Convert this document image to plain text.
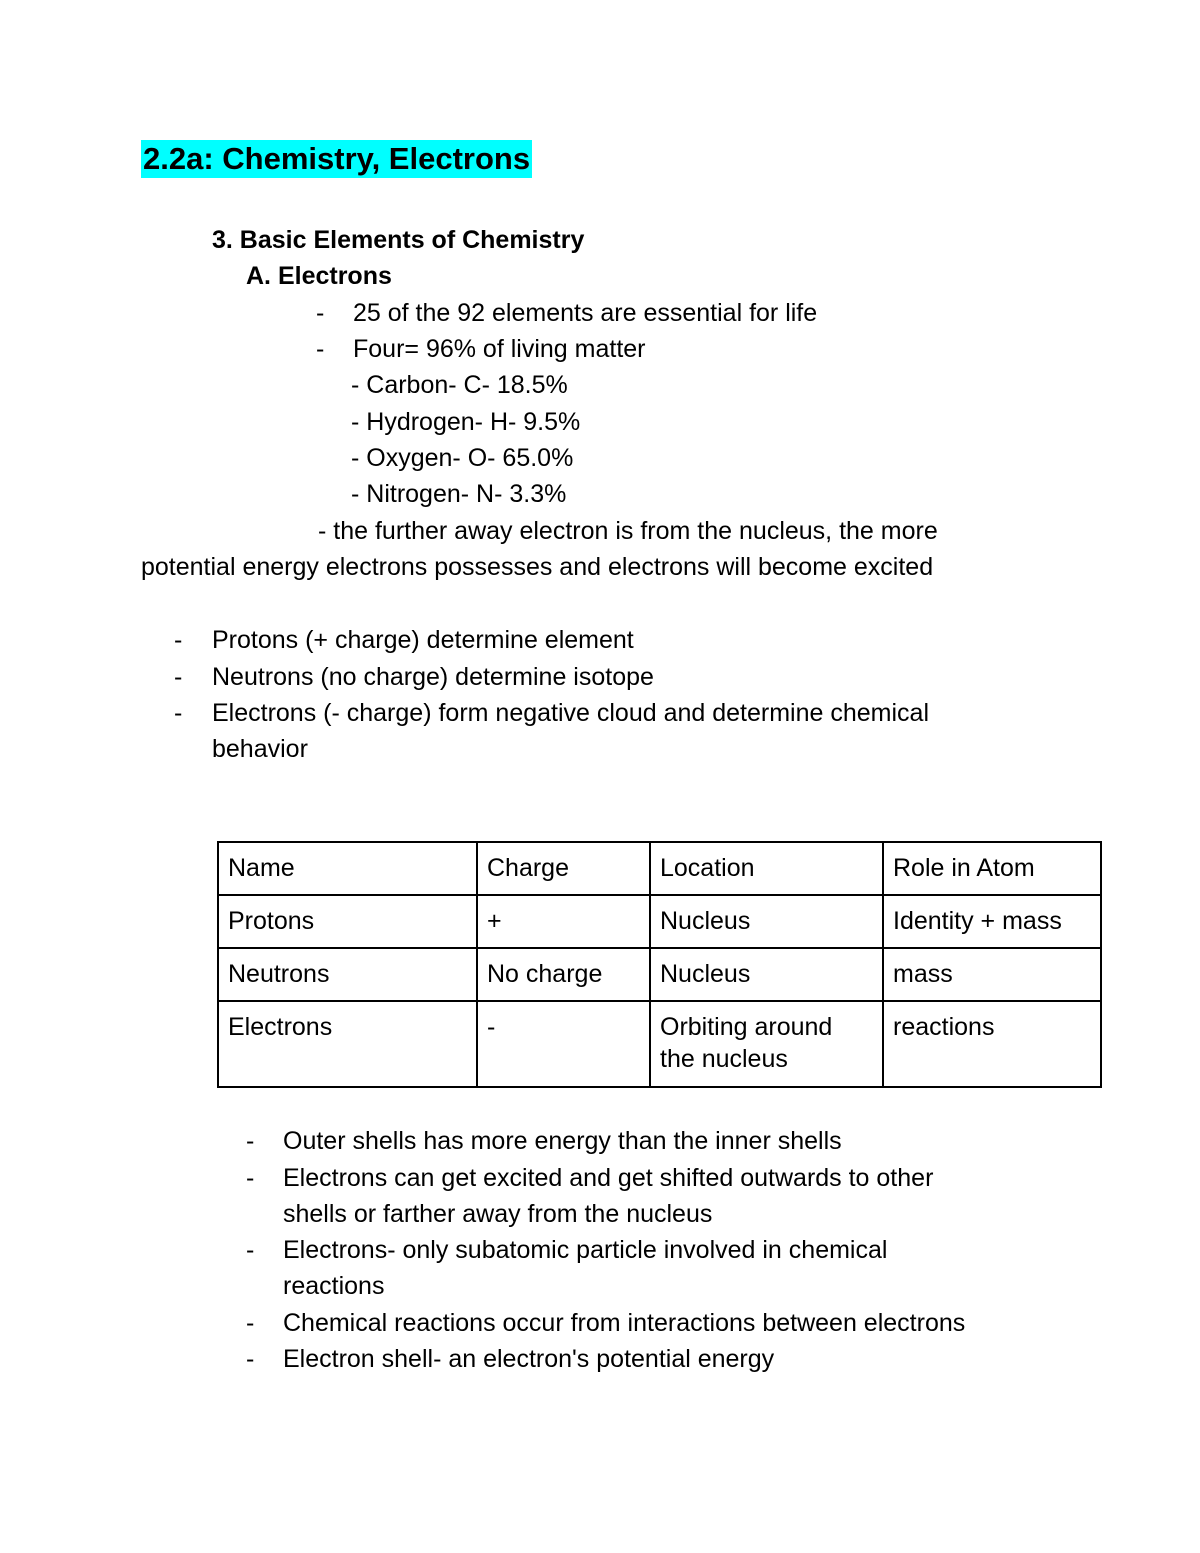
2.2a: Chemistry, Electrons
3. Basic Elements of Chemistry
A. Electrons
- 25 of the 92 elements are essential for life
- Four= 96% of living matter
- Carbon- C- 18.5%
- Hydrogen- H- 9.5%
- Oxygen- O- 65.0%
- Nitrogen- N- 3.3%
- the further away electron is from the nucleus, the more
potential energy electrons possesses and electrons will become excited
- Protons (+ charge) determine element
- Neutrons (no charge) determine isotope
- Electrons (- charge) form negative cloud and determine chemical
behavior
Name	Charge	Location	Role in Atom
Protons	+	Nucleus	Identity + mass
Neutrons	No charge	Nucleus	mass
Electrons	-	Orbiting around the nucleus	reactions
- Outer shells has more energy than the inner shells
- Electrons can get excited and get shifted outwards to other
shells or farther away from the nucleus
- Electrons- only subatomic particle involved in chemical
reactions
- Chemical reactions occur from interactions between electrons
- Electron shell- an electron's potential energy
